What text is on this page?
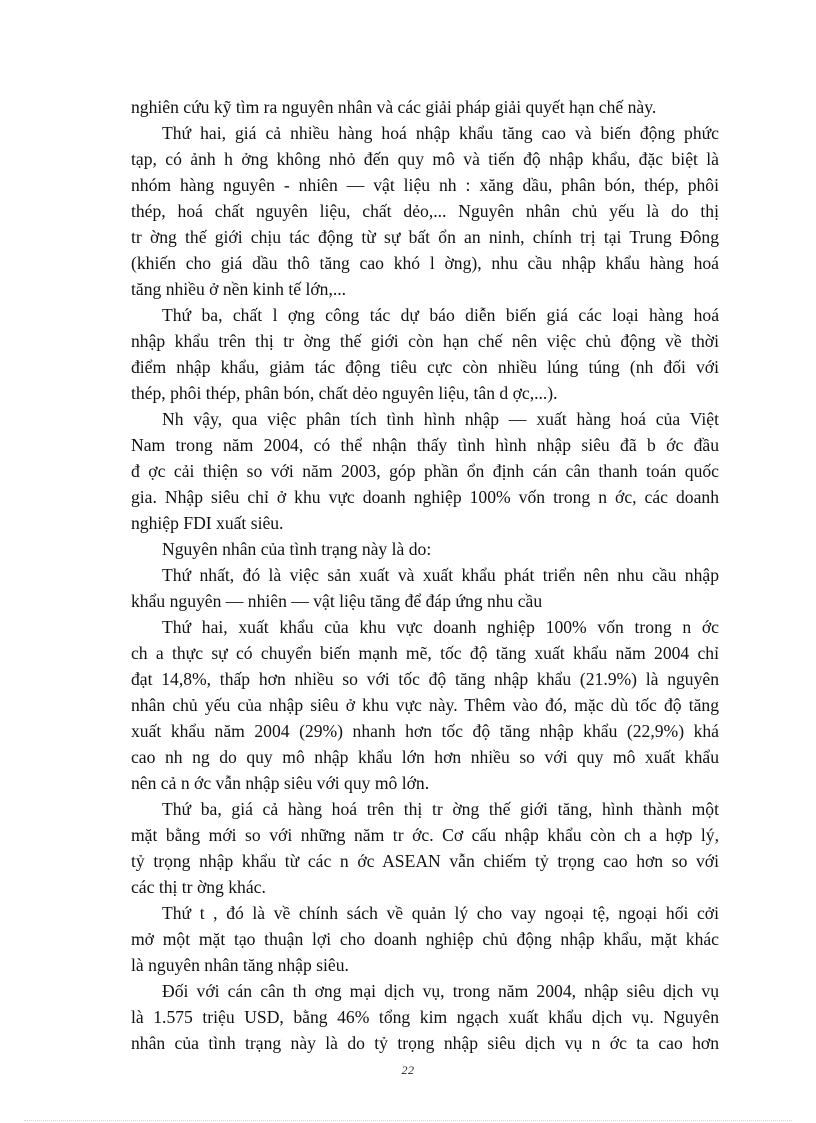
nghiên cứu kỹ tìm ra nguyên nhân và các giải pháp giải quyết hạn chế này.
Thứ hai, giá cả nhiều hàng hoá nhập khẩu tăng cao và biến động phức
tạp, có ảnh h ởng không nhỏ đến quy mô và tiến độ nhập khẩu, đặc biệt là
nhóm hàng nguyên - nhiên — vật liệu nh : xăng dầu, phân bón, thép, phôi
thép, hoá chất nguyên liệu, chất dẻo,... Nguyên nhân chủ yếu là do thị
tr ờng thế giới chịu tác động từ sự bất ổn an ninh, chính trị tại Trung Đông
(khiến cho giá dầu thô tăng cao khó l ờng), nhu cầu nhập khẩu hàng hoá
tăng nhiều ở nền kinh tế lớn,...
Thứ ba, chất l ợng công tác dự báo diễn biến giá các loại hàng hoá
nhập khẩu trên thị tr ờng thế giới còn hạn chế nên việc chủ động về thời
điểm nhập khẩu, giảm tác động tiêu cực còn nhiều lúng túng (nh đối với
thép, phôi thép, phân bón, chất dẻo nguyên liệu, tân d ợc,...).
Nh vậy, qua việc phân tích tình hình nhập — xuất hàng hoá của Việt
Nam trong năm 2004, có thể nhận thấy tình hình nhập siêu đã b ớc đầu
đ ợc cải thiện so với năm 2003, góp phần ổn định cán cân thanh toán quốc
gia. Nhập siêu chỉ ở khu vực doanh nghiệp 100% vốn trong n ớc, các doanh
nghiệp FDI xuất siêu.
Nguyên nhân của tình trạng này là do:
Thứ nhất, đó là việc sản xuất và xuất khẩu phát triển nên nhu cầu nhập
khẩu nguyên — nhiên — vật liệu tăng để đáp ứng nhu cầu
Thứ hai, xuất khẩu của khu vực doanh nghiệp 100% vốn trong n ớc
ch a thực sự có chuyển biến mạnh mẽ, tốc độ tăng xuất khẩu năm 2004 chỉ
đạt 14,8%, thấp hơn nhiều so với tốc độ tăng nhập khẩu (21.9%) là nguyên
nhân chủ yếu của nhập siêu ở khu vực này. Thêm vào đó, mặc dù tốc độ tăng
xuất khẩu năm 2004 (29%) nhanh hơn tốc độ tăng nhập khẩu (22,9%) khá
cao nh ng do quy mô nhập khẩu lớn hơn nhiều so với quy mô xuất khẩu
nên cả n ớc vẫn nhập siêu với quy mô lớn.
Thứ ba, giá cả hàng hoá trên thị tr ờng thế giới tăng, hình thành một
mặt bằng mới so với những năm tr ớc. Cơ cấu nhập khẩu còn ch a hợp lý,
tỷ trọng nhập khẩu từ các n ớc ASEAN vẫn chiếm tỷ trọng cao hơn so với
các thị tr ờng khác.
Thứ t , đó là về chính sách về quản lý cho vay ngoại tệ, ngoại hối cởi
mở một mặt tạo thuận lợi cho doanh nghiệp chủ động nhập khẩu, mặt khác
là nguyên nhân tăng nhập siêu.
Đối với cán cân th ơng mại dịch vụ, trong năm 2004, nhập siêu dịch vụ
là 1.575 triệu USD, bằng 46% tổng kim ngạch xuất khẩu dịch vụ. Nguyên
nhân của tình trạng này là do tỷ trọng nhập siêu dịch vụ n ớc ta cao hơn
22
